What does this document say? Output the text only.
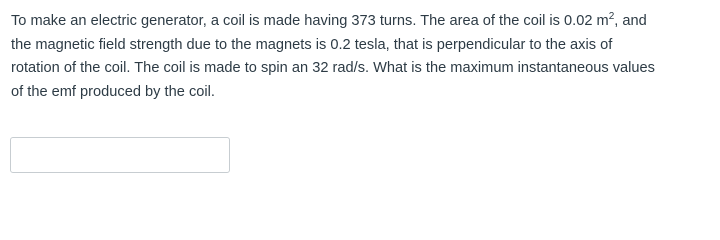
To make an electric generator, a coil is made having 373 turns. The area of the coil is 0.02 $m^2$, and
the magnetic field strength due to the magnets is 0.2 tesla, that is perpendicular to the axis of
rotation of the coil. The coil is made to spin an 32 rad/s. What is the maximum instantaneous values
of the emf produced by the coil.
